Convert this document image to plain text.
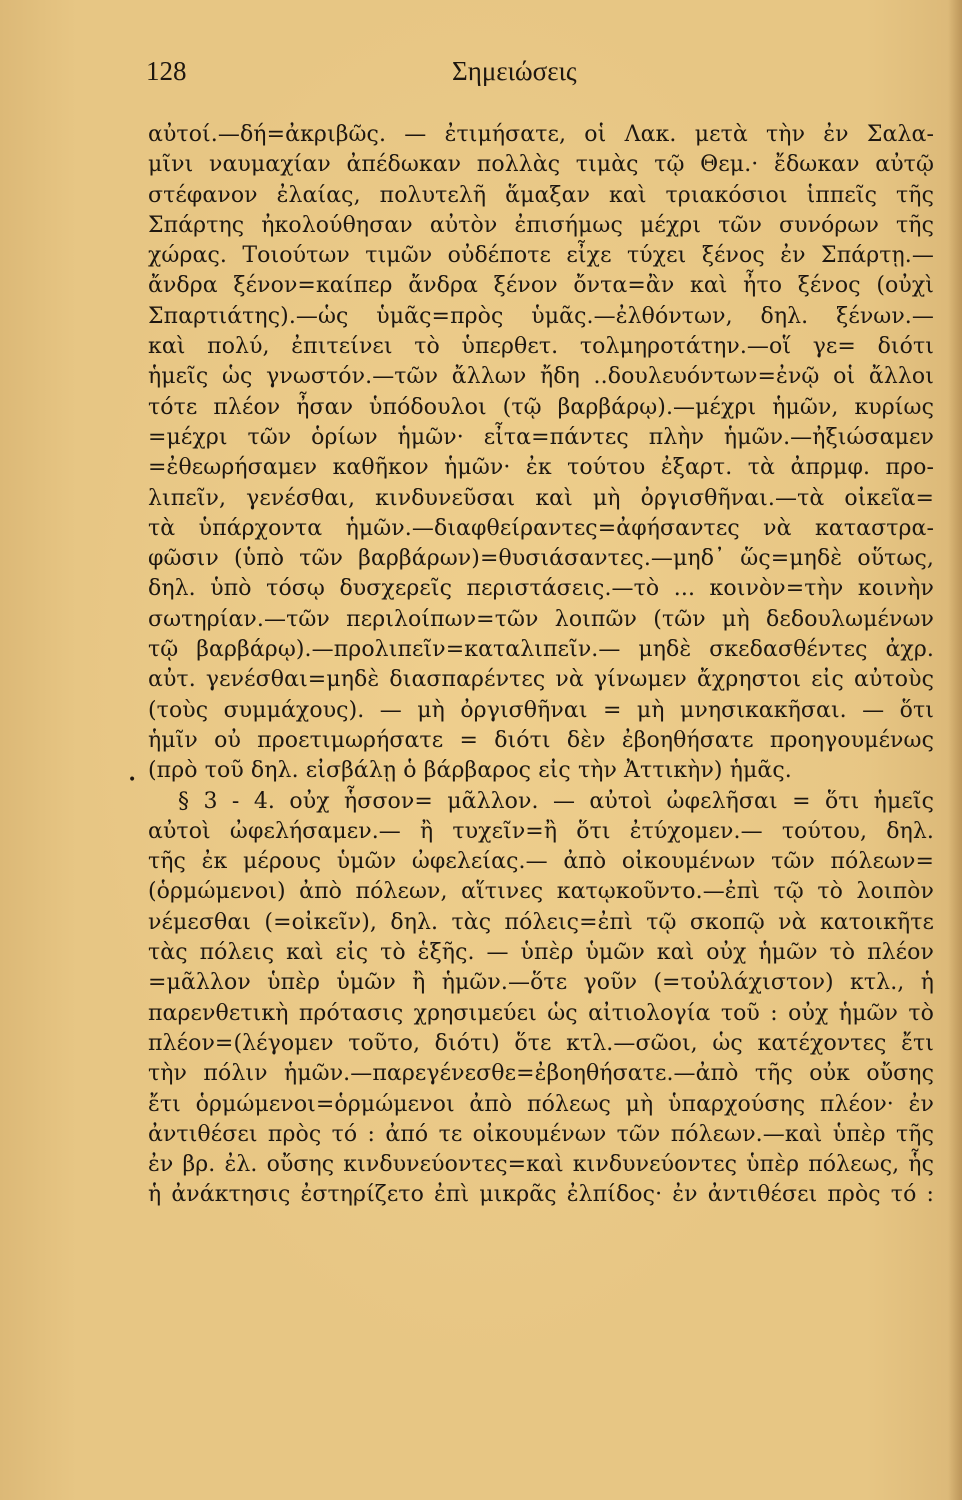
128	Σημειώσεις
•
αὐτοί.—δή=ἀκριβῶς. — ἐτιμήσατε, οἱ Λακ. μετὰ τὴν ἐν Σαλα-
μῖνι ναυμαχίαν ἀπέδωκαν πολλὰς τιμὰς τῷ Θεμ.· ἔδωκαν αὐτῷ
στέφανον ἐλαίας, πολυτελῆ ἅμαξαν καὶ τριακόσιοι ἱππεῖς τῆς
Σπάρτης ἠκολούθησαν αὐτὸν ἐπισήμως μέχρι τῶν συνόρων τῆς
χώρας. Τοιούτων τιμῶν οὐδέποτε εἶχε τύχει ξένος ἐν Σπάρτῃ.—
ἄνδρα ξένον=καίπερ ἄνδρα ξένον ὄντα=ἂν καὶ ἦτο ξένος (οὐχὶ
Σπαρτιάτης).—ὡς ὑμᾶς=πρὸς ὑμᾶς.—ἐλθόντων, δηλ. ξένων.—
καὶ πολύ, ἐπιτείνει τὸ ὑπερθετ. τολμηροτάτην.—οἵ γε= διότι
ἡμεῖς ὡς γνωστόν.—τῶν ἄλλων ἤδη ..δουλευόντων=ἐνῷ οἱ ἄλλοι
τότε πλέον ἦσαν ὑπόδουλοι (τῷ βαρβάρῳ).—μέχρι ἡμῶν, κυρίως
=μέχρι τῶν ὁρίων ἡμῶν· εἶτα=πάντες πλὴν ἡμῶν.—ἠξιώσαμεν
=ἐθεωρήσαμεν καθῆκον ἡμῶν· ἐκ τούτου ἐξαρτ. τὰ ἀπρμφ. προ-
λιπεῖν, γενέσθαι, κινδυνεῦσαι καὶ μὴ ὀργισθῆναι.—τὰ οἰκεῖα=
τὰ ὑπάρχοντα ἡμῶν.—διαφθείραντες=ἀφήσαντες νὰ καταστρα-
φῶσιν (ὑπὸ τῶν βαρβάρων)=θυσιάσαντες.—μηδ᾽ ὥς=μηδὲ οὕτως,
δηλ. ὑπὸ τόσῳ δυσχερεῖς περιστάσεις.—τὸ ... κοινὸν=τὴν κοινὴν
σωτηρίαν.—τῶν περιλοίπων=τῶν λοιπῶν (τῶν μὴ δεδουλωμένων
τῷ βαρβάρῳ).—προλιπεῖν=καταλιπεῖν.— μηδὲ σκεδασθέντες ἀχρ.
αὐτ. γενέσθαι=μηδὲ διασπαρέντες νὰ γίνωμεν ἄχρηστοι εἰς αὐτοὺς
(τοὺς συμμάχους). — μὴ ὀργισθῆναι = μὴ μνησικακῆσαι. — ὅτι
ἡμῖν οὐ προετιμωρήσατε = διότι δὲν ἐβοηθήσατε προηγουμένως
(πρὸ τοῦ δηλ. εἰσβάλῃ ὁ βάρβαρος εἰς τὴν Ἀττικὴν) ἡμᾶς.
§ 3 - 4. οὐχ ἧσσον= μᾶλλον. — αὐτοὶ ὠφελῆσαι = ὅτι ἡμεῖς
αὐτοὶ ὠφελήσαμεν.— ἢ τυχεῖν=ἢ ὅτι ἐτύχομεν.— τούτου, δηλ.
τῆς ἐκ μέρους ὑμῶν ὠφελείας.— ἀπὸ οἰκουμένων τῶν πόλεων=
(ὁρμώμενοι) ἀπὸ πόλεων, αἵτινες κατῳκοῦντο.—ἐπὶ τῷ τὸ λοιπὸν
νέμεσθαι (=οἰκεῖν), δηλ. τὰς πόλεις=ἐπὶ τῷ σκοπῷ νὰ κατοικῆτε
τὰς πόλεις καὶ εἰς τὸ ἑξῆς. — ὑπὲρ ὑμῶν καὶ οὐχ ἡμῶν τὸ πλέον
=μᾶλλον ὑπὲρ ὑμῶν ἢ ἡμῶν.—ὅτε γοῦν (=τοὐλάχιστον) κτλ., ἡ
παρενθετικὴ πρότασις χρησιμεύει ὡς αἰτιολογία τοῦ : οὐχ ἡμῶν τὸ
πλέον=(λέγομεν τοῦτο, διότι) ὅτε κτλ.—σῶοι, ὡς κατέχοντες ἔτι
τὴν πόλιν ἡμῶν.—παρεγένεσθε=ἐβοηθήσατε.—ἀπὸ τῆς οὐκ οὔσης
ἔτι ὁρμώμενοι=ὁρμώμενοι ἀπὸ πόλεως μὴ ὑπαρχούσης πλέον· ἐν
ἀντιθέσει πρὸς τό : ἀπό τε οἰκουμένων τῶν πόλεων.—καὶ ὑπὲρ τῆς
ἐν βρ. ἐλ. οὔσης κινδυνεύοντες=καὶ κινδυνεύοντες ὑπὲρ πόλεως, ἧς
ἡ ἀνάκτησις ἐστηρίζετο ἐπὶ μικρᾶς ἐλπίδος· ἐν ἀντιθέσει πρὸς τό :
